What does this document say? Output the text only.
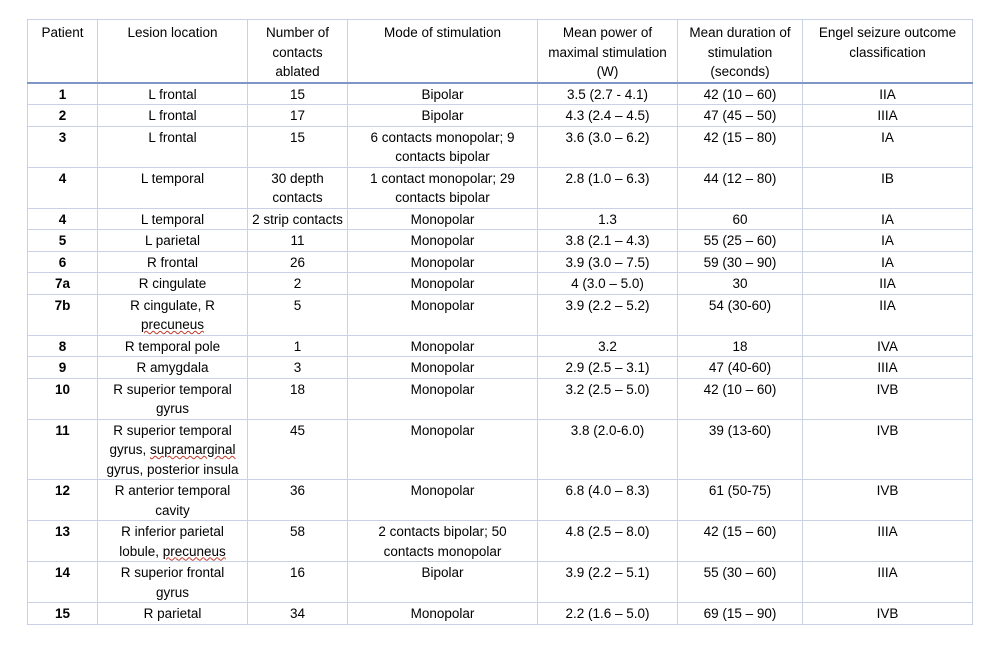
Patient	Lesion location	Number of contacts ablated	Mode of stimulation	Mean power of maximal stimulation (W)	Mean duration of stimulation (seconds)	Engel seizure outcome classification
1	L frontal	15	Bipolar	3.5 (2.7 - 4.1)	42 (10 – 60)	IIA
2	L frontal	17	Bipolar	4.3 (2.4 – 4.5)	47 (45 – 50)	IIIA
3	L frontal	15	6 contacts monopolar; 9 contacts bipolar	3.6 (3.0 – 6.2)	42 (15 – 80)	IA
4	L temporal	30 depth contacts	1 contact monopolar; 29 contacts bipolar	2.8 (1.0 – 6.3)	44 (12 – 80)	IB
4	L temporal	2 strip contacts	Monopolar	1.3	60	IA
5	L parietal	11	Monopolar	3.8 (2.1 – 4.3)	55 (25 – 60)	IA
6	R frontal	26	Monopolar	3.9 (3.0 – 7.5)	59 (30 – 90)	IA
7a	R cingulate	2	Monopolar	4 (3.0 – 5.0)	30	IIA
7b	R cingulate, R precuneus	5	Monopolar	3.9 (2.2 – 5.2)	54 (30-60)	IIA
8	R temporal pole	1	Monopolar	3.2	18	IVA
9	R amygdala	3	Monopolar	2.9 (2.5 – 3.1)	47 (40-60)	IIIA
10	R superior temporal gyrus	18	Monopolar	3.2 (2.5 – 5.0)	42 (10 – 60)	IVB
11	R superior temporal gyrus, supramarginal gyrus, posterior insula	45	Monopolar	3.8 (2.0-6.0)	39 (13-60)	IVB
12	R anterior temporal cavity	36	Monopolar	6.8 (4.0 – 8.3)	61 (50-75)	IVB
13	R inferior parietal lobule, precuneus	58	2 contacts bipolar; 50 contacts monopolar	4.8 (2.5 – 8.0)	42 (15 – 60)	IIIA
14	R superior frontal gyrus	16	Bipolar	3.9 (2.2 – 5.1)	55 (30 – 60)	IIIA
15	R parietal	34	Monopolar	2.2 (1.6 – 5.0)	69 (15 – 90)	IVB
